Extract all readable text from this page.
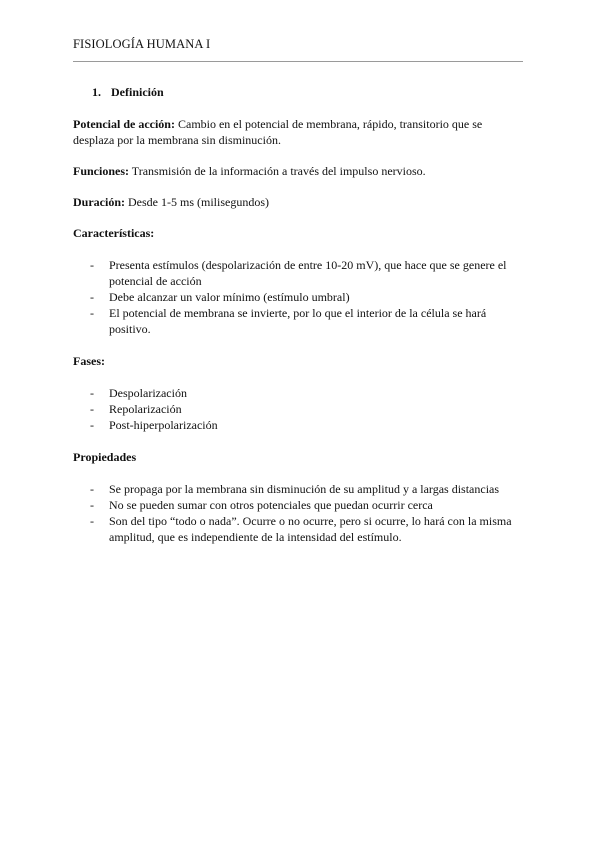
FISIOLOGÍA HUMANA I
1. Definición

Potencial de acción: Cambio en el potencial de membrana, rápido, transitorio que se desplaza por la membrana sin disminución.

Funciones: Transmisión de la información a través del impulso nervioso.

Duración: Desde 1-5 ms (milisegundos)

Características:
- Presenta estímulos (despolarización de entre 10-20 mV), que hace que se genere el potencial de acción
- Debe alcanzar un valor mínimo (estímulo umbral)
- El potencial de membrana se invierte, por lo que el interior de la célula se hará positivo.
Fases:
- Despolarización
- Repolarización
- Post-hiperpolarización
Propiedades
- Se propaga por la membrana sin disminución de su amplitud y a largas distancias
- No se pueden sumar con otros potenciales que puedan ocurrir cerca
- Son del tipo “todo o nada”. Ocurre o no ocurre, pero si ocurre, lo hará con la misma amplitud, que es independiente de la intensidad del estímulo.
